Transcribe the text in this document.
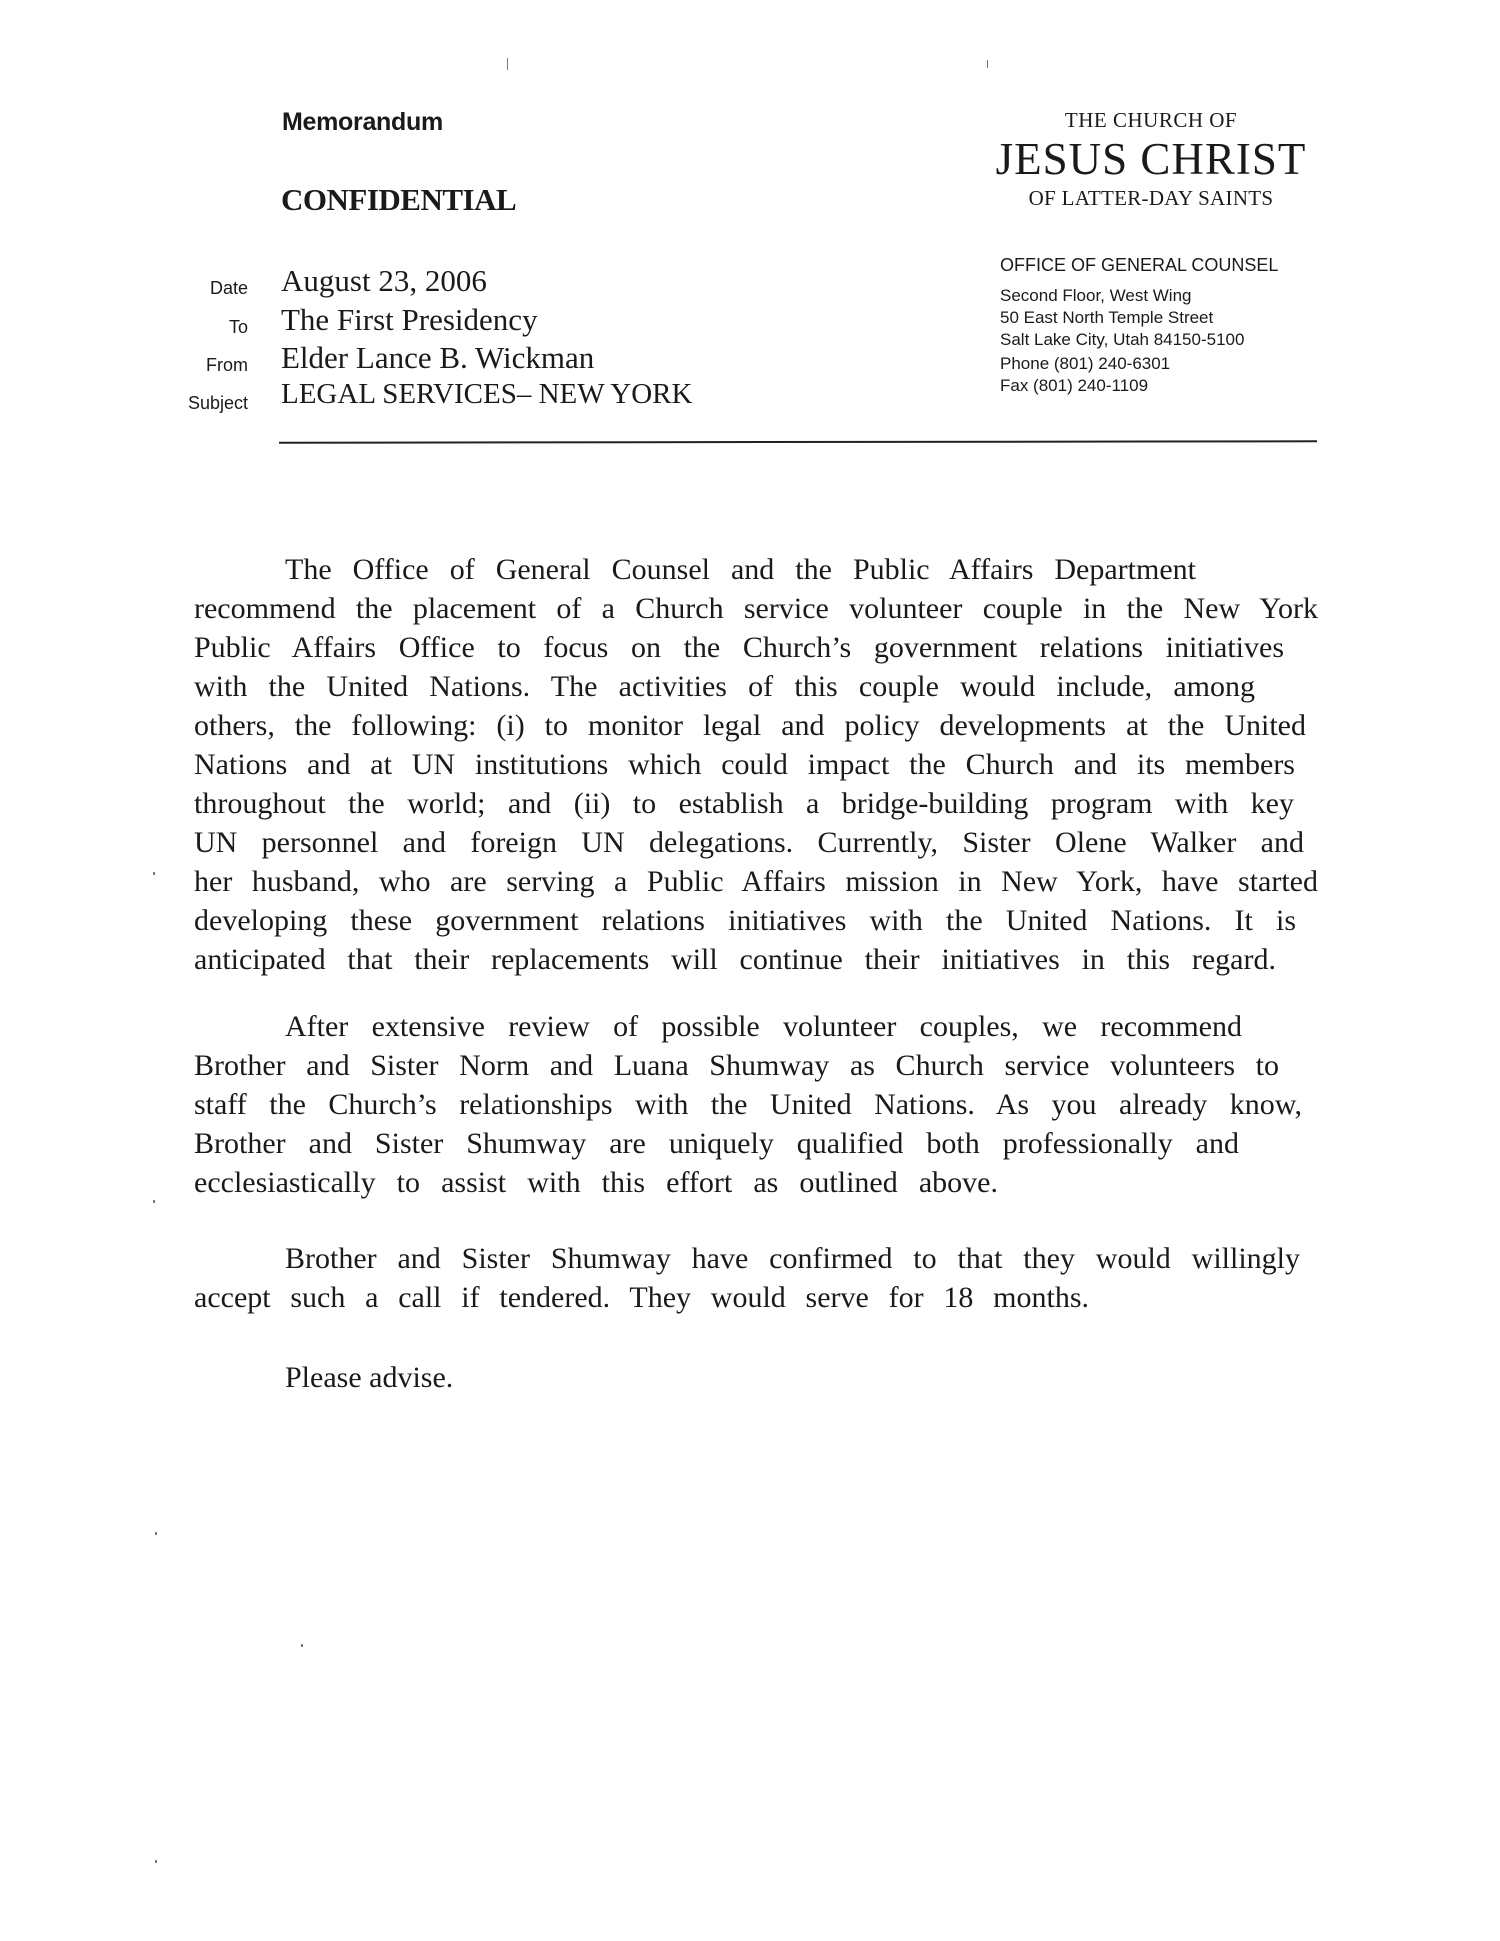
Memorandum
CONFIDENTIAL
THE CHURCH OF
JESUS CHRIST
OF LATTER-DAY SAINTS
OFFICE OF GENERAL COUNSEL
Second Floor, West Wing
50 East North Temple Street
Salt Lake City, Utah 84150-5100
Phone (801) 240-6301
Fax (801) 240-1109
Date August 23, 2006
To The First Presidency
From Elder Lance B. Wickman
Subject LEGAL SERVICES– NEW YORK
The Office of General Counsel and the Public Affairs Department
recommend the placement of a Church service volunteer couple in the New York
Public Affairs Office to focus on the Church’s government relations initiatives
with the United Nations. The activities of this couple would include, among
others, the following: (i) to monitor legal and policy developments at the United
Nations and at UN institutions which could impact the Church and its members
throughout the world; and (ii) to establish a bridge-building program with key
UN personnel and foreign UN delegations. Currently, Sister Olene Walker and
her husband, who are serving a Public Affairs mission in New York, have started
developing these government relations initiatives with the United Nations. It is
anticipated that their replacements will continue their initiatives in this regard.
After extensive review of possible volunteer couples, we recommend
Brother and Sister Norm and Luana Shumway as Church service volunteers to
staff the Church’s relationships with the United Nations. As you already know,
Brother and Sister Shumway are uniquely qualified both professionally and
ecclesiastically to assist with this effort as outlined above.
Brother and Sister Shumway have confirmed to that they would willingly
accept such a call if tendered. They would serve for 18 months.
Please advise.
